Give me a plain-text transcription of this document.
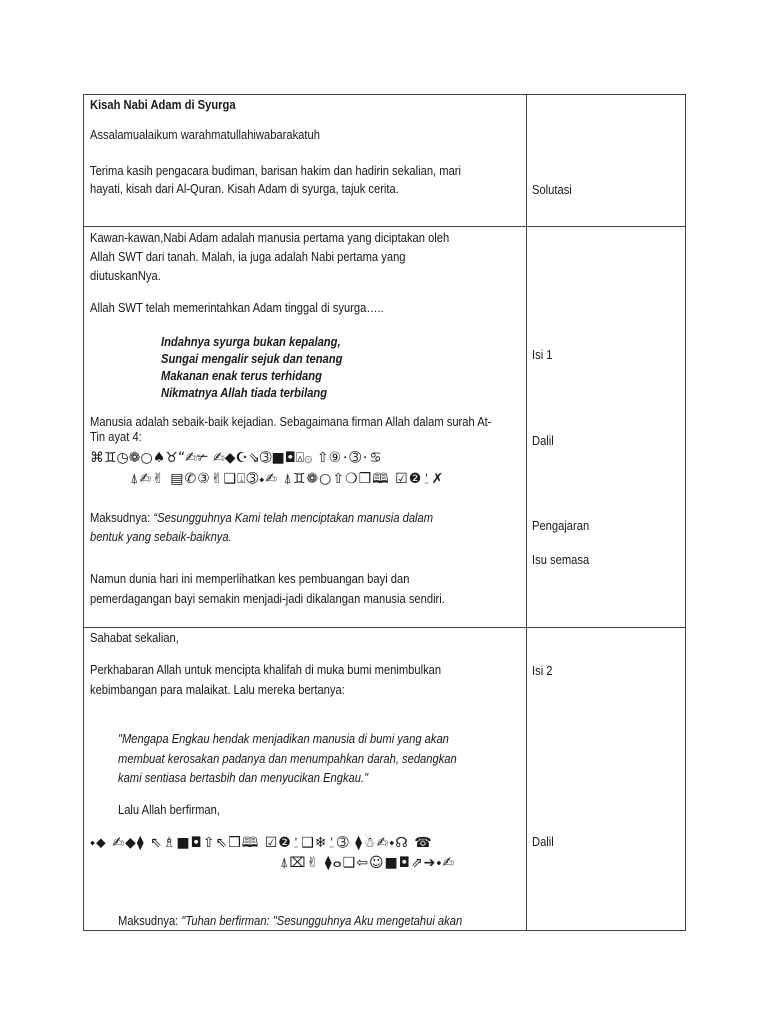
Kisah Nabi Adam di Syurga
Assalamualaikum warahmatullahiwabarakatuh
Terima kasih pengacara budiman, barisan hakim dan hadirin sekalian, mari
hayati, kisah dari Al-Quran. Kisah Adam di syurga, tajuk cerita.	Solutasi
Kawan-kawan,Nabi Adam adalah manusia pertama yang diciptakan oleh
Allah SWT dari tanah. Malah, ia juga adalah Nabi pertama yang
diutuskanNya.
Allah SWT telah memerintahkan Adam tinggal di syurga…..
Indahnya syurga bukan kepalang,
Sungai mengalir sejuk dan tenang
Makanan enak terus terhidang
Nikmatnya Allah tiada terbilang
Manusia adalah sebaik-baik kejadian. Sebagaimana firman Allah dalam surah At-
Tin ayat 4:
⌘♊◷❁○♠♉“✍✃ ✍◆☪⇘➂■◘⍓۞ ⇧⑨⬩➂⬩♋
⍋✍✌ ▤✆③✌❑⍗➂⬩✍ ⍋♊❁○⇧❍❒🕮 ☑❷⍘✗
Maksudnya: “Sesungguhnya Kami telah menciptakan manusia dalam
bentuk yang sebaik-baiknya.
Namun dunia hari ini memperlihatkan kes pembuangan bayi dan
pemerdagangan bayi semakin menjadi-jadi dikalangan manusia sendiri.
Isi 1
Dalil
Pengajaran
Isu semasa
Sahabat sekalian,
Perkhabaran Allah untuk mencipta khalifah di muka bumi menimbulkan
kebimbangan para malaikat. Lalu mereka bertanya:
"Mengapa Engkau hendak menjadikan manusia di bumi yang akan
membuat kerosakan padanya dan menumpahkan darah, sedangkan
kami sentiasa bertasbih dan menyucikan Engkau."
Lalu Allah berfirman,
⬩⬥ ✍◆⧫ ⇖♗■◘⇧⇖❒🕮 ☑❷⍘❑❄⍘➂ ⧫☃✍⬩☊ ☎
⍋⌧✌ ⧫ⴰ❑⇦☺■◘⇗➔⬩✍
Maksudnya: "Tuhan berfirman: "Sesungguhnya Aku mengetahui akan
Isi 2
Dalil
